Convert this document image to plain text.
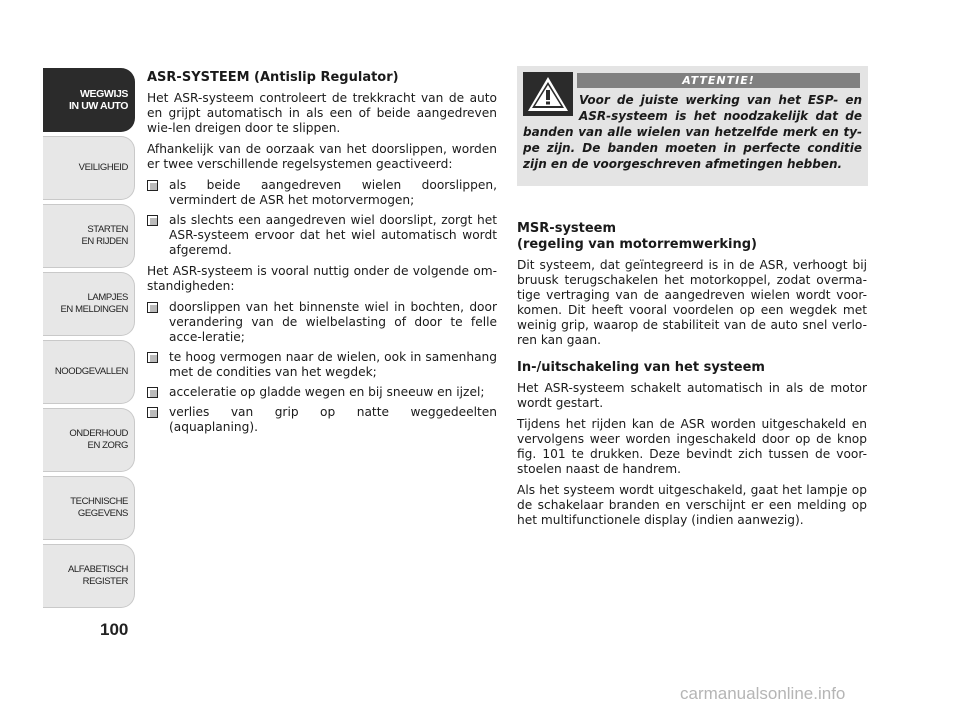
WEGWIJS
IN UW AUTO
VEILIGHEID
STARTEN
EN RIJDEN
LAMPJES
EN MELDINGEN
NOODGEVALLEN
ONDERHOUD
EN ZORG
TECHNISCHE
GEGEVENS
ALFABETISCH
REGISTER
100
ASR-SYSTEEM (Antislip Regulator)

Het ASR-systeem controleert de trekkracht van de auto en grijpt automatisch in als een of beide aangedreven wie-len dreigen door te slippen.

Afhankelijk van de oorzaak van het doorslippen, worden er twee verschillende regelsystemen geactiveerd:

als beide aangedreven wielen doorslippen, vermindert de ASR het motorvermogen;
als slechts een aangedreven wiel doorslipt, zorgt het ASR-systeem ervoor dat het wiel automatisch wordt afgeremd.

Het ASR-systeem is vooral nuttig onder de volgende om-standigheden:

doorslippen van het binnenste wiel in bochten, door verandering van de wielbelasting of door te felle acce-leratie;
te hoog vermogen naar de wielen, ook in samenhang met de condities van het wegdek;
acceleratie op gladde wegen en bij sneeuw en ijzel;
verlies van grip op natte weggedeelten (aquaplaning).
ATTENTIE!
Voor de juiste werking van het ESP- en ASR-systeem is het noodzakelijk dat de banden van alle wielen van hetzelfde merk en ty-pe zijn. De banden moeten in perfecte conditie zijn en de voorgeschreven afmetingen hebben.
MSR-systeem
(regeling van motorremwerking)

Dit systeem, dat geïntegreerd is in de ASR, verhoogt bij bruusk terugschakelen het motorkoppel, zodat overma-tige vertraging van de aangedreven wielen wordt voor-komen. Dit heeft vooral voordelen op een wegdek met weinig grip, waarop de stabiliteit van de auto snel verlo-ren kan gaan.

In-/uitschakeling van het systeem

Het ASR-systeem schakelt automatisch in als de motor wordt gestart.

Tijdens het rijden kan de ASR worden uitgeschakeld en vervolgens weer worden ingeschakeld door op de knop fig. 101 te drukken. Deze bevindt zich tussen de voor-stoelen naast de handrem.

Als het systeem wordt uitgeschakeld, gaat het lampje op de schakelaar branden en verschijnt er een melding op het multifunctionele display (indien aanwezig).

carmanualsonline.info
